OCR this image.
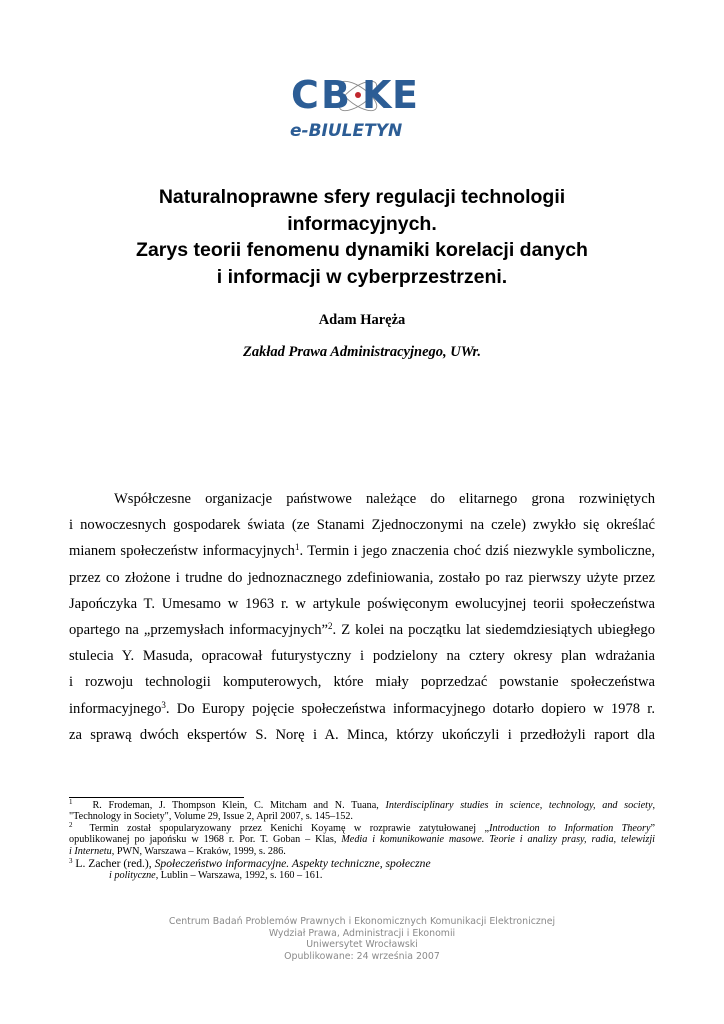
C B K E
e-BIULETYN
Naturalnoprawne sfery regulacji technologii
informacyjnych.
Zarys teorii fenomenu dynamiki korelacji danych
i informacji w cyberprzestrzeni.
Adam Haręża
Zakład Prawa Administracyjnego, UWr.
Współczesne organizacje państwowe należące do elitarnego grona rozwiniętych
i nowoczesnych gospodarek świata (ze Stanami Zjednoczonymi na czele) zwykło się określać
mianem społeczeństw informacyjnych$^1$. Termin i jego znaczenia choć dziś niezwykle symboliczne,
przez co złożone i trudne do jednoznacznego zdefiniowania, zostało po raz pierwszy użyte przez
Japończyka T. Umesamo w 1963 r. w artykule poświęconym ewolucyjnej teorii społeczeństwa
opartego na „przemysłach informacyjnych”$^2$. Z kolei na początku lat siedemdziesiątych ubiegłego
stulecia Y. Masuda, opracował futurystyczny i podzielony na cztery okresy plan wdrażania
i rozwoju technologii komputerowych, które miały poprzedzać powstanie społeczeństwa
informacyjnego$^3$. Do Europy pojęcie społeczeństwa informacyjnego dotarło dopiero w 1978 r.
za sprawą dwóch ekspertów S. Norę i A. Minca, którzy ukończyli i przedłożyli raport dla
$^1$ R. Frodeman, J. Thompson Klein, C. Mitcham and N. Tuana, Interdisciplinary studies in science, technology, and society,
"Technology in Society", Volume 29, Issue 2, April 2007, s. 145–152.
$^2$ Termin został spopularyzowany przez Kenichi Koyamę w rozprawie zatytułowanej „Introduction to Information Theory”
opublikowanej po japońsku w 1968 r. Por. T. Goban – Klas, Media i komunikowanie masowe. Teorie i analizy prasy, radia, telewizji
i Internetu, PWN, Warszawa – Kraków, 1999, s. 286.
$^3$ L. Zacher (red.), Społeczeństwo informacyjne. Aspekty techniczne, społeczne
i polityczne, Lublin – Warszawa, 1992, s. 160 – 161.
Centrum Badań Problemów Prawnych i Ekonomicznych Komunikacji Elektronicznej
Wydział Prawa, Administracji i Ekonomii
Uniwersytet Wrocławski
Opublikowane: 24 września 2007
